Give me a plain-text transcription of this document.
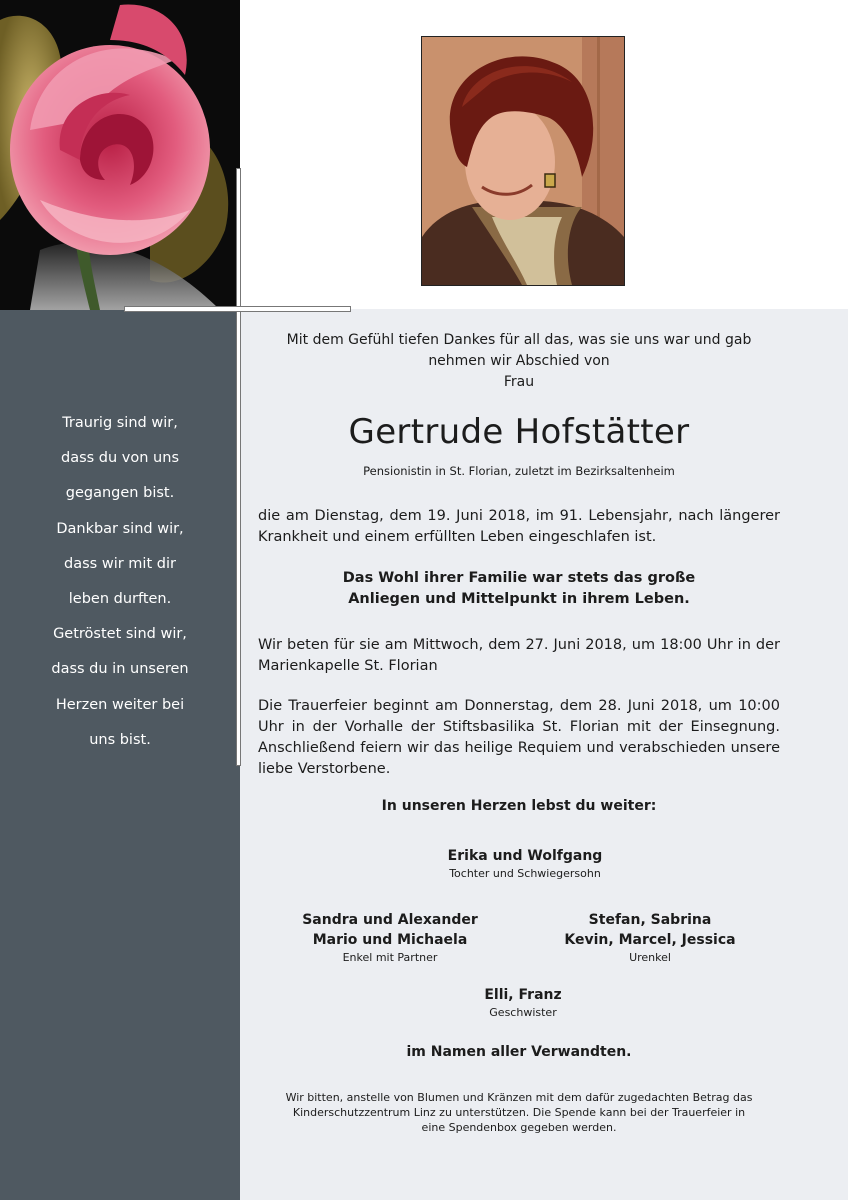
Traurig sind wir,
dass du von uns
gegangen bist.
Dankbar sind wir,
dass wir mit dir
leben durften.
Getröstet sind wir,
dass du in unseren
Herzen weiter bei
uns bist.
Mit dem Gefühl tiefen Dankes für all das, was sie uns war und gab
nehmen wir Abschied von
Frau
Gertrude Hofstätter
Pensionistin in St. Florian, zuletzt im Bezirksaltenheim
die am Dienstag, dem 19. Juni 2018, im 91. Lebensjahr, nach längerer Krankheit und einem erfüllten Leben eingeschlafen ist.
Das Wohl ihrer Familie war stets das große
Anliegen und Mittelpunkt in ihrem Leben.
Wir beten für sie am Mittwoch, dem 27. Juni 2018, um 18:00 Uhr in der Marienkapelle St. Florian
Die Trauerfeier beginnt am Donnerstag, dem 28. Juni 2018, um 10:00 Uhr in der Vorhalle der Stiftsbasilika St. Florian mit der Einsegnung. Anschließend feiern wir das heilige Requiem und verabschieden unsere liebe Verstorbene.
In unseren Herzen lebst du weiter:
Erika und Wolfgang
Tochter und Schwiegersohn
Sandra und Alexander
Mario und Michaela
Enkel mit Partner
Stefan, Sabrina
Kevin, Marcel, Jessica
Urenkel
Elli, Franz
Geschwister
im Namen aller Verwandten.
Wir bitten, anstelle von Blumen und Kränzen mit dem dafür zugedachten Betrag das
Kinderschutzzentrum Linz zu unterstützen. Die Spende kann bei der Trauerfeier in
eine Spendenbox gegeben werden.
